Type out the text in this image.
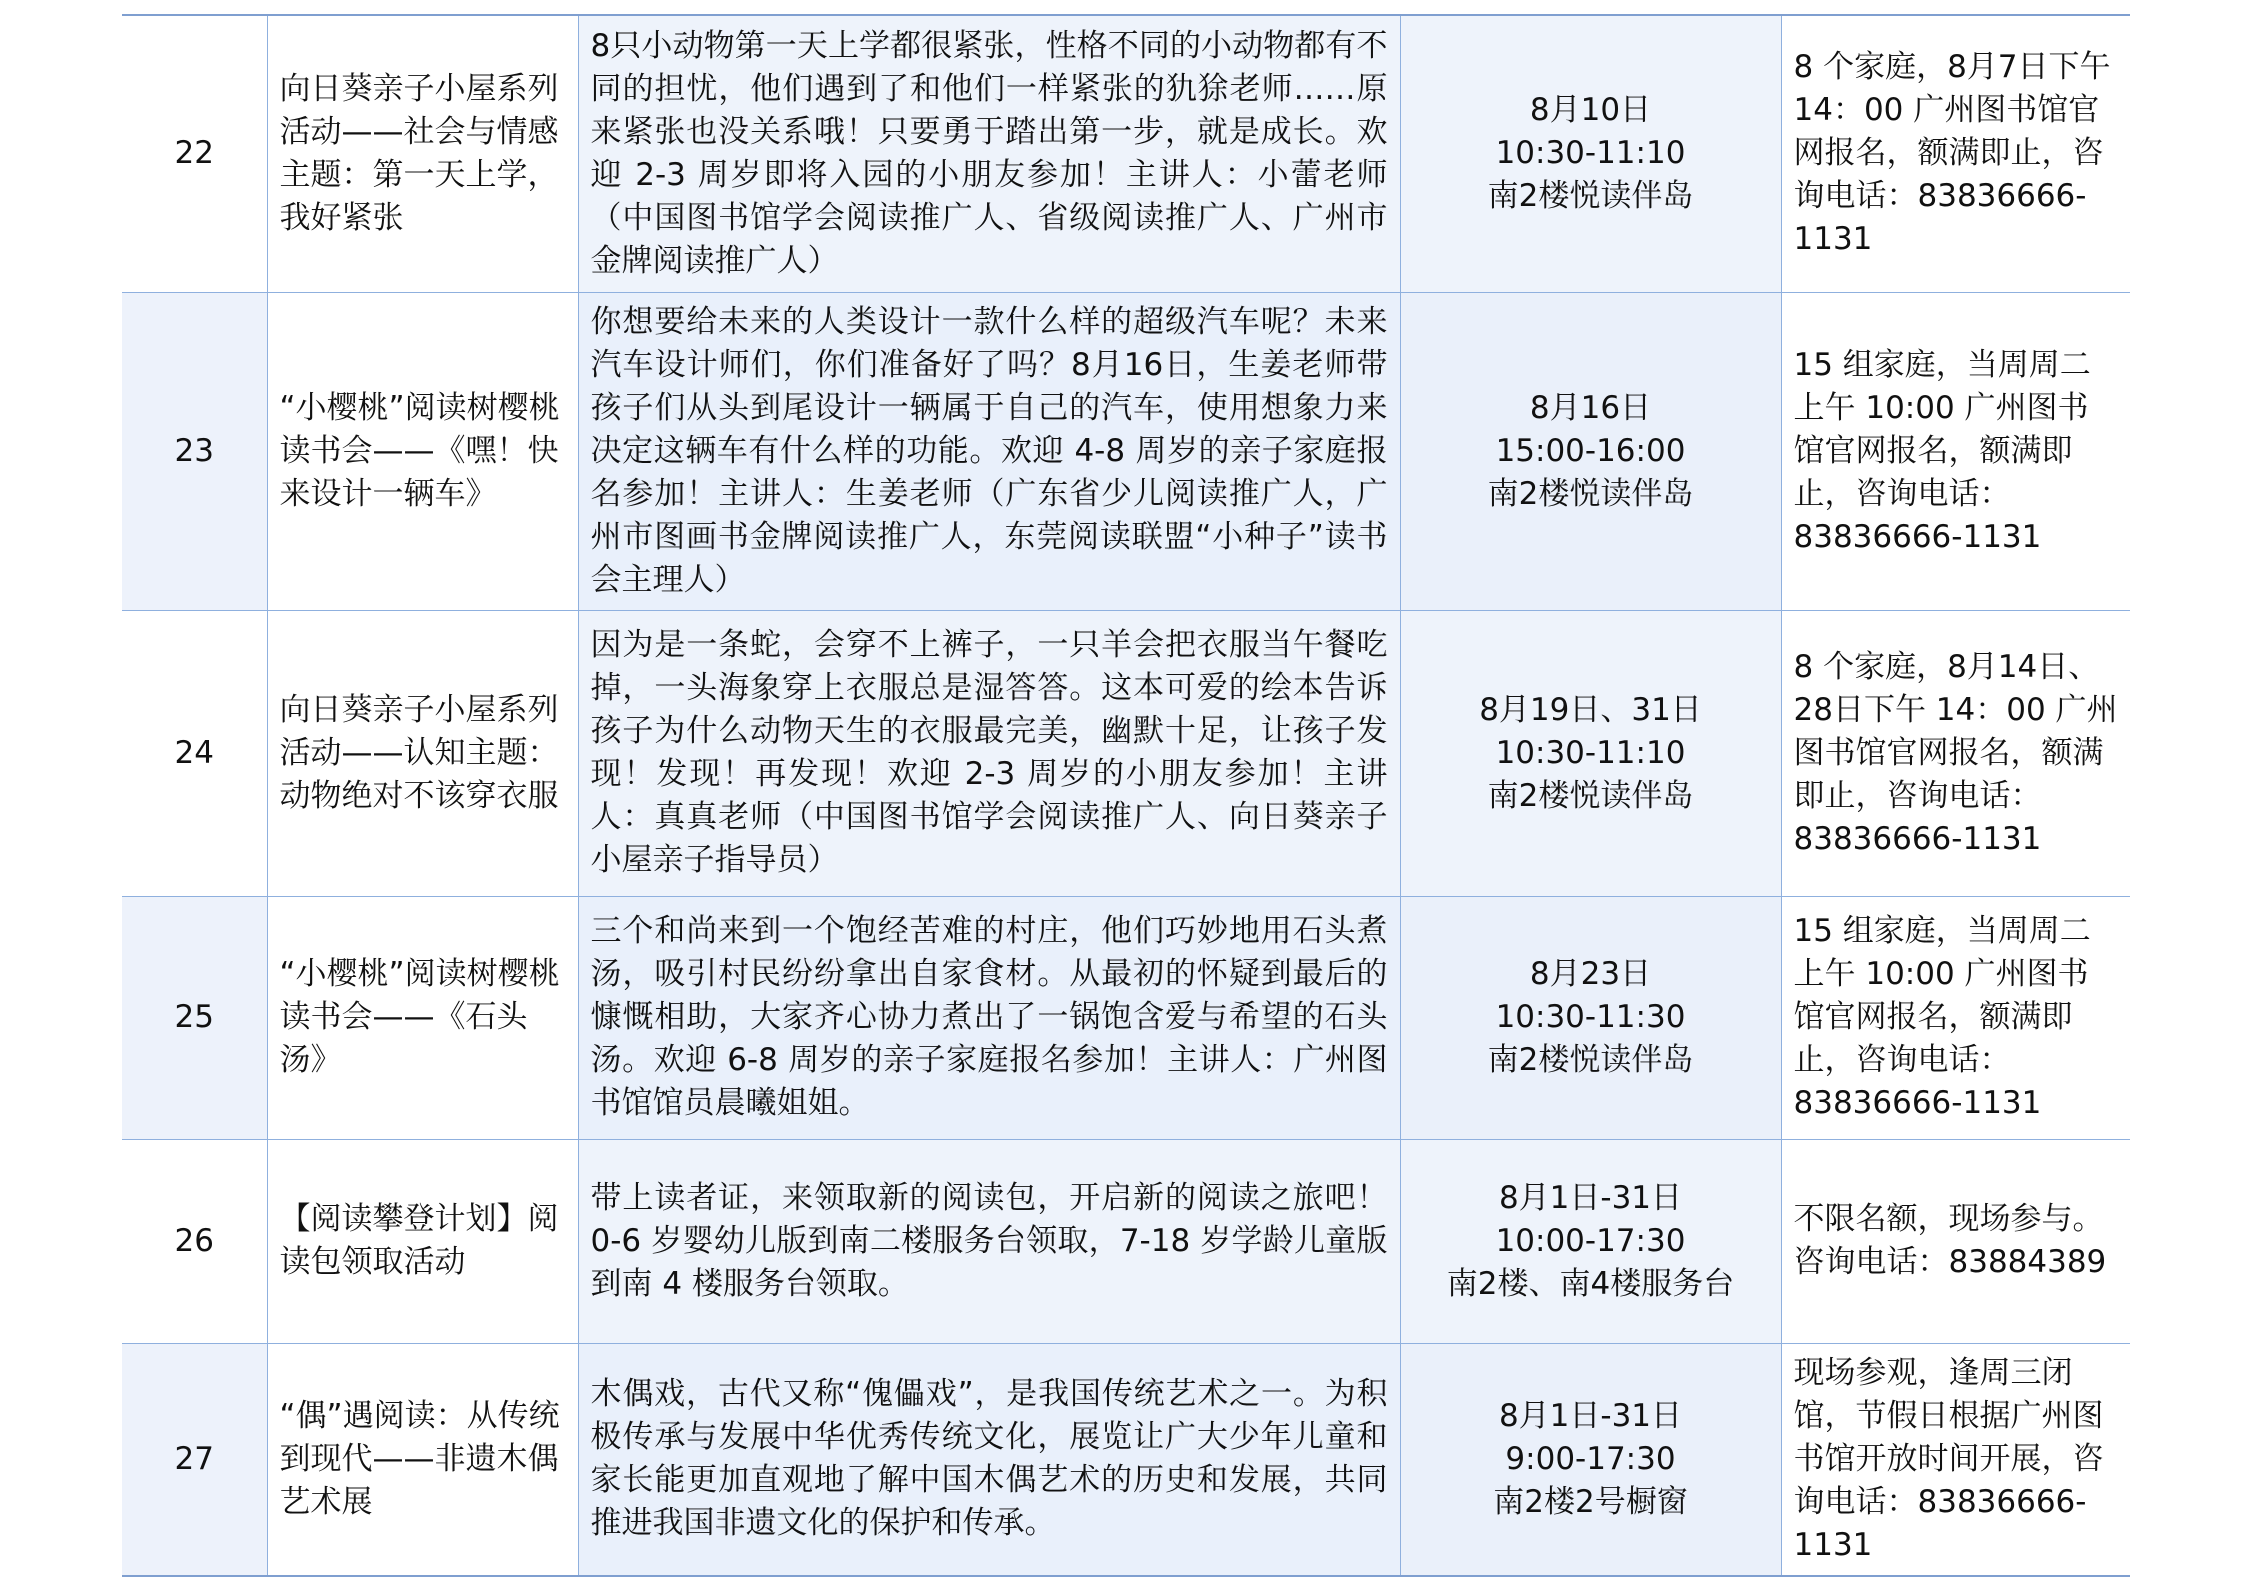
22	向日葵亲子小屋系列活动——社会与情感主题：第一天上学，我好紧张	8只小动物第一天上学都很紧张，性格不同的小动物都有不同的担忧，他们遇到了和他们一样紧张的犰狳老师……原来紧张也没关系哦！只要勇于踏出第一步，就是成长。欢迎 2-3 周岁即将入园的小朋友参加！主讲人：小蕾老师（中国图书馆学会阅读推广人、省级阅读推广人、广州市金牌阅读推广人）	8月10日
10:30-11:10
南2楼悦读伴岛	8 个家庭，8月7日下午 14：00 广州图书馆官网报名，额满即止，咨询电话：83836666-1131
23	“小樱桃”阅读树樱桃读书会——《嘿！快来设计一辆车》	你想要给未来的人类设计一款什么样的超级汽车呢？未来汽车设计师们，你们准备好了吗？8月16日，生姜老师带孩子们从头到尾设计一辆属于自己的汽车，使用想象力来决定这辆车有什么样的功能。欢迎 4-8 周岁的亲子家庭报名参加！主讲人：生姜老师（广东省少儿阅读推广人，广州市图画书金牌阅读推广人，东莞阅读联盟“小种子”读书会主理人）	8月16日
15:00-16:00
南2楼悦读伴岛	15 组家庭，当周周二上午 10:00 广州图书馆官网报名，额满即止，咨询电话：83836666-1131
24	向日葵亲子小屋系列活动——认知主题：动物绝对不该穿衣服	因为是一条蛇，会穿不上裤子，一只羊会把衣服当午餐吃掉，一头海象穿上衣服总是湿答答。这本可爱的绘本告诉孩子为什么动物天生的衣服最完美，幽默十足，让孩子发现！发现！再发现！欢迎 2-3 周岁的小朋友参加！主讲人：真真老师（中国图书馆学会阅读推广人、向日葵亲子小屋亲子指导员）	8月19日、31日
10:30-11:10
南2楼悦读伴岛	8 个家庭，8月14日、28日下午 14：00 广州图书馆官网报名，额满即止，咨询电话：83836666-1131
25	“小樱桃”阅读树樱桃读书会——《石头汤》	三个和尚来到一个饱经苦难的村庄，他们巧妙地用石头煮汤，吸引村民纷纷拿出自家食材。从最初的怀疑到最后的慷慨相助，大家齐心协力煮出了一锅饱含爱与希望的石头汤。欢迎 6-8 周岁的亲子家庭报名参加！主讲人：广州图书馆馆员晨曦姐姐。	8月23日
10:30-11:30
南2楼悦读伴岛	15 组家庭，当周周二上午 10:00 广州图书馆官网报名，额满即止，咨询电话：83836666-1131
26	【阅读攀登计划】阅读包领取活动	带上读者证，来领取新的阅读包，开启新的阅读之旅吧！0-6 岁婴幼儿版到南二楼服务台领取，7-18 岁学龄儿童版到南 4 楼服务台领取。	8月1日-31日
10:00-17:30
南2楼、南4楼服务台	不限名额，现场参与。咨询电话：83884389
27	“偶”遇阅读：从传统到现代——非遗木偶艺术展	木偶戏，古代又称“傀儡戏”，是我国传统艺术之一。为积极传承与发展中华优秀传统文化，展览让广大少年儿童和家长能更加直观地了解中国木偶艺术的历史和发展，共同推进我国非遗文化的保护和传承。	8月1日-31日
9:00-17:30
南2楼2号橱窗	现场参观，逢周三闭馆，节假日根据广州图书馆开放时间开展，咨询电话：83836666-1131
